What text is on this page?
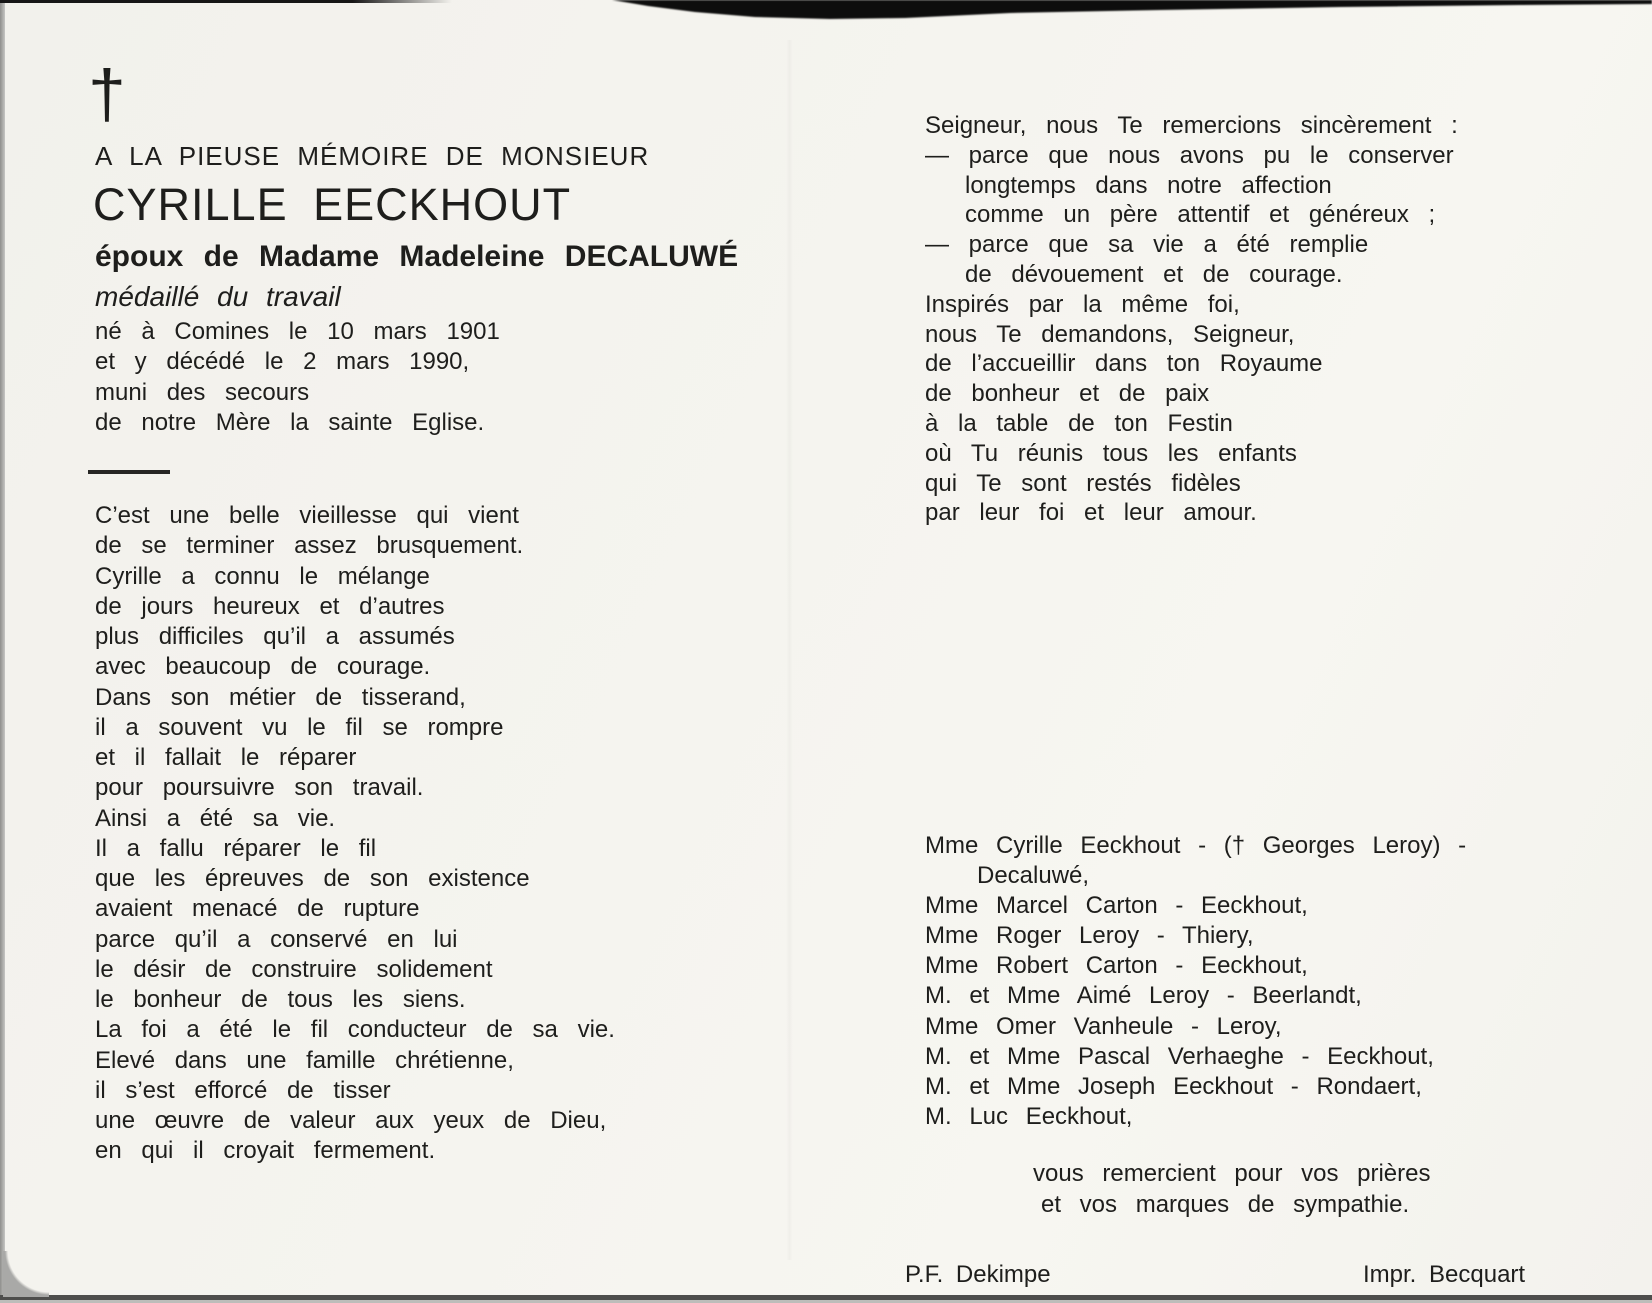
†
A LA PIEUSE MÉMOIRE DE MONSIEUR
CYRILLE EECKHOUT
époux de Madame Madeleine DECALUWÉ
médaillé du travail
né à Comines le 10 mars 1901
et y décédé le 2 mars 1990,
muni des secours
de notre Mère la sainte Eglise.
C’est une belle vieillesse qui vient
de se terminer assez brusquement.
Cyrille a connu le mélange
de jours heureux et d’autres
plus difficiles qu’il a assumés
avec beaucoup de courage.
Dans son métier de tisserand,
il a souvent vu le fil se rompre
et il fallait le réparer
pour poursuivre son travail.
Ainsi a été sa vie.
Il a fallu réparer le fil
que les épreuves de son existence
avaient menacé de rupture
parce qu’il a conservé en lui
le désir de construire solidement
le bonheur de tous les siens.
La foi a été le fil conducteur de sa vie.
Elevé dans une famille chrétienne,
il s’est efforcé de tisser
une œuvre de valeur aux yeux de Dieu,
en qui il croyait fermement.
Seigneur, nous Te remercions sincèrement :
— parce que nous avons pu le conserver
longtemps dans notre affection
comme un père attentif et généreux ;
— parce que sa vie a été remplie
de dévouement et de courage.
Inspirés par la même foi,
nous Te demandons, Seigneur,
de l’accueillir dans ton Royaume
de bonheur et de paix
à la table de ton Festin
où Tu réunis tous les enfants
qui Te sont restés fidèles
par leur foi et leur amour.
Mme Cyrille Eeckhout - († Georges Leroy) -
Decaluwé,
Mme Marcel Carton - Eeckhout,
Mme Roger Leroy - Thiery,
Mme Robert Carton - Eeckhout,
M. et Mme Aimé Leroy - Beerlandt,
Mme Omer Vanheule - Leroy,
M. et Mme Pascal Verhaeghe - Eeckhout,
M. et Mme Joseph Eeckhout - Rondaert,
M. Luc Eeckhout,
vous remercient pour vos prières
et vos marques de sympathie.
P.F. Dekimpe	Impr. Becquart
